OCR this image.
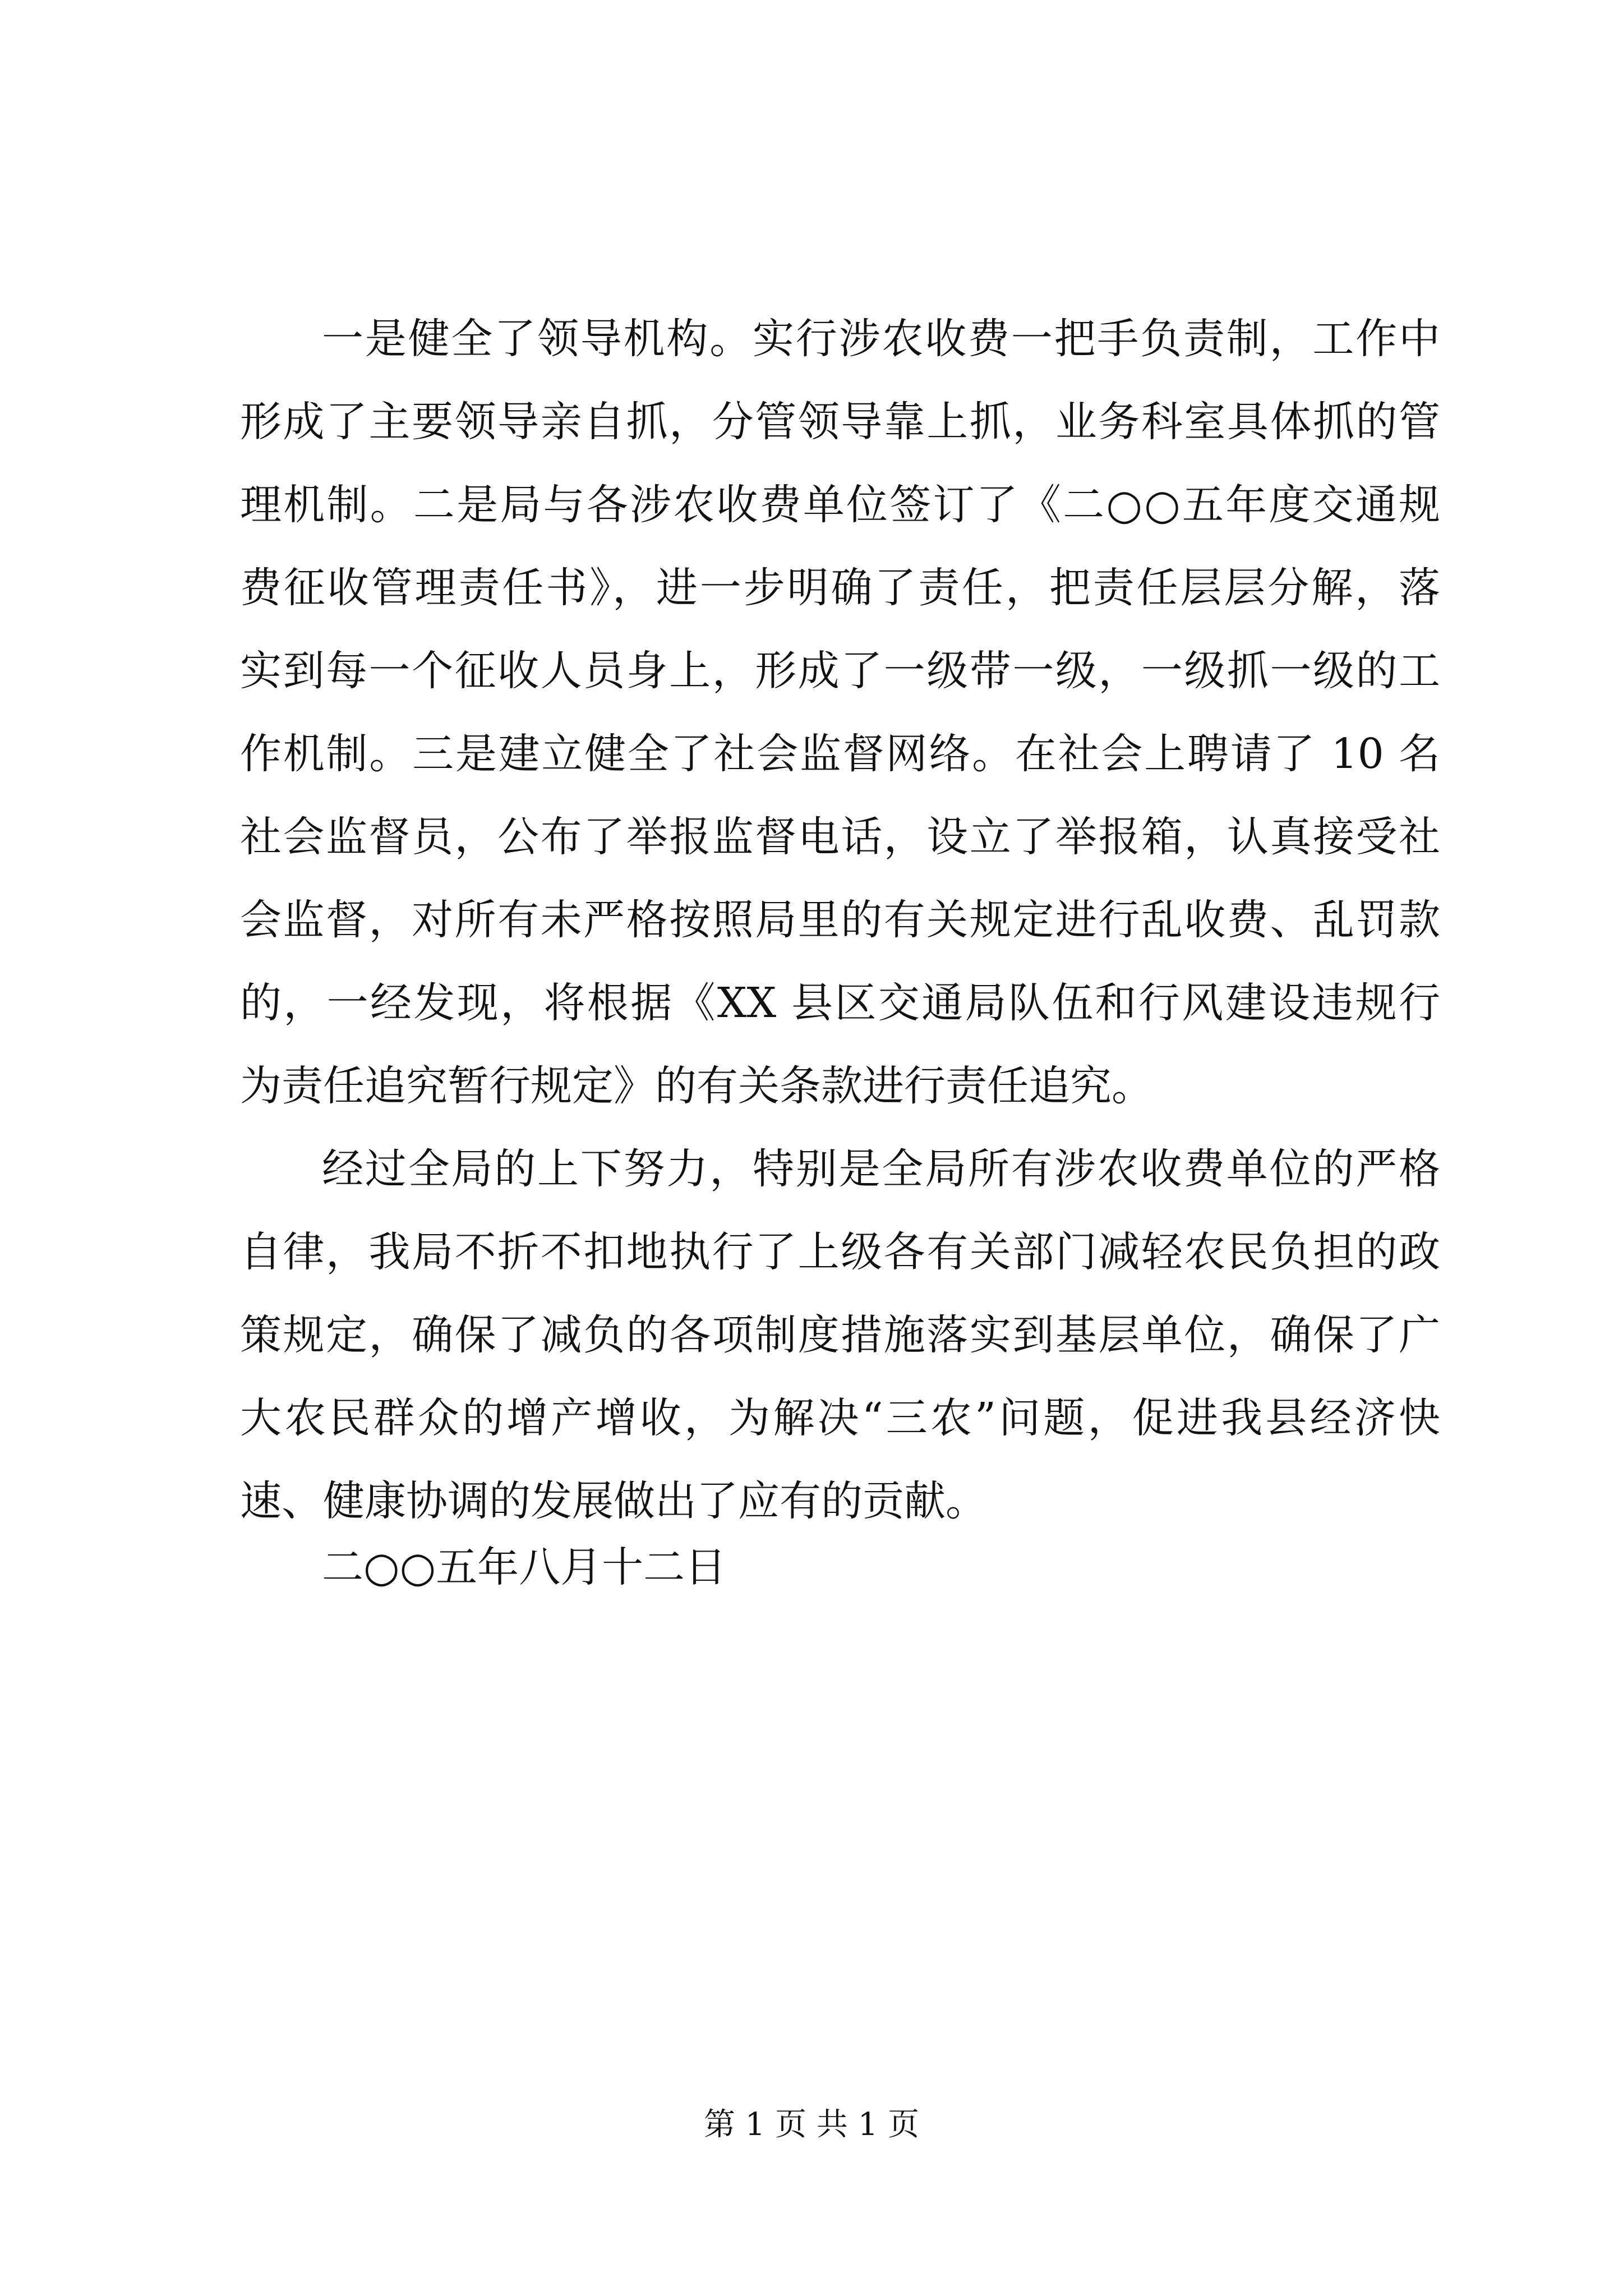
一是健全了领导机构。实行涉农收费一把手负责制，工作中
形成了主要领导亲自抓，分管领导靠上抓，业务科室具体抓的管
理机制。二是局与各涉农收费单位签订了《二○○五年度交通规
费征收管理责任书》，进一步明确了责任，把责任层层分解，落
实到每一个征收人员身上，形成了一级带一级，一级抓一级的工
作机制。三是建立健全了社会监督网络。在社会上聘请了 10 名
社会监督员，公布了举报监督电话，设立了举报箱，认真接受社
会监督，对所有未严格按照局里的有关规定进行乱收费、乱罚款
的，一经发现，将根据《XX 县区交通局队伍和行风建设违规行
为责任追究暂行规定》的有关条款进行责任追究。
经过全局的上下努力，特别是全局所有涉农收费单位的严格
自律，我局不折不扣地执行了上级各有关部门减轻农民负担的政
策规定，确保了减负的各项制度措施落实到基层单位，确保了广
大农民群众的增产增收，为解决“三农”问题，促进我县经济快
速、健康协调的发展做出了应有的贡献。
二○○五年八月十二日
第 1 页 共 1 页
